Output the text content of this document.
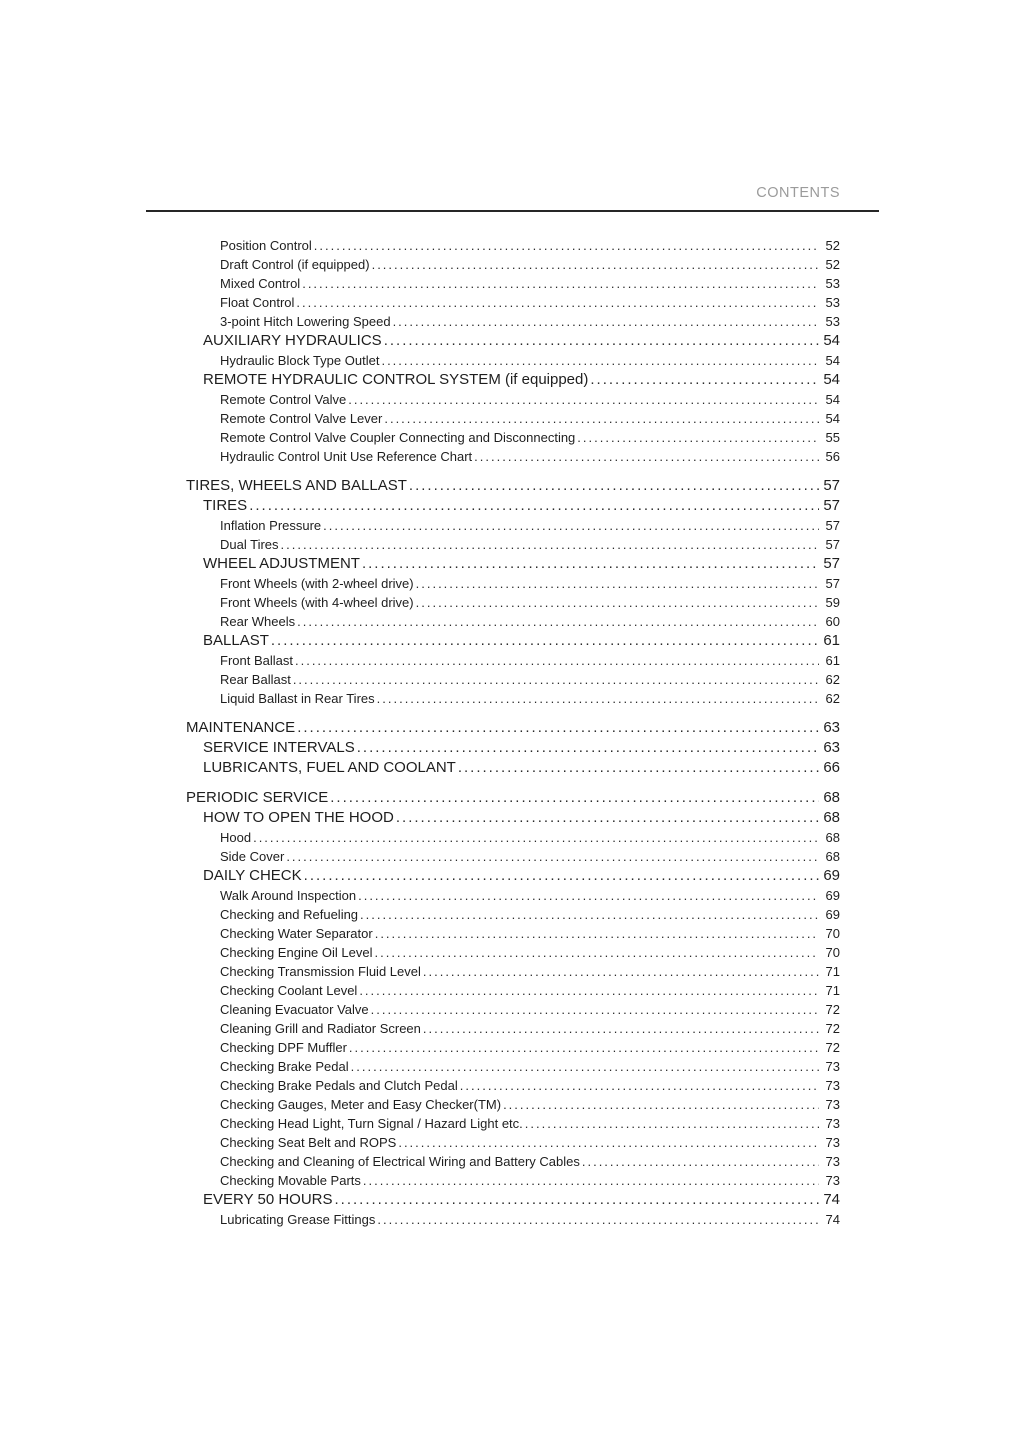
CONTENTS
Position Control .....	52
Draft Control (if equipped) .....	52
Mixed Control .....	53
Float Control .....	53
3-point Hitch Lowering Speed .....	53
AUXILIARY HYDRAULICS .....	54
Hydraulic Block Type Outlet .....	54
REMOTE HYDRAULIC CONTROL SYSTEM (if equipped) .....	54
Remote Control Valve .....	54
Remote Control Valve Lever .....	54
Remote Control Valve Coupler Connecting and Disconnecting .....	55
Hydraulic Control Unit Use Reference Chart .....	56
TIRES, WHEELS AND BALLAST .....	57
TIRES .....	57
Inflation Pressure .....	57
Dual Tires .....	57
WHEEL ADJUSTMENT .....	57
Front Wheels (with 2-wheel drive) .....	57
Front Wheels (with 4-wheel drive) .....	59
Rear Wheels .....	60
BALLAST .....	61
Front Ballast .....	61
Rear Ballast .....	62
Liquid Ballast in Rear Tires .....	62
MAINTENANCE .....	63
SERVICE INTERVALS .....	63
LUBRICANTS, FUEL AND COOLANT .....	66
PERIODIC SERVICE .....	68
HOW TO OPEN THE HOOD .....	68
Hood .....	68
Side Cover .....	68
DAILY CHECK .....	69
Walk Around Inspection .....	69
Checking and Refueling .....	69
Checking Water Separator .....	70
Checking Engine Oil Level .....	70
Checking Transmission Fluid Level .....	71
Checking Coolant Level .....	71
Cleaning Evacuator Valve .....	72
Cleaning Grill and Radiator Screen .....	72
Checking DPF Muffler .....	72
Checking Brake Pedal .....	73
Checking Brake Pedals and Clutch Pedal .....	73
Checking Gauges, Meter and Easy Checker(TM) .....	73
Checking Head Light, Turn Signal / Hazard Light etc. .....	73
Checking Seat Belt and ROPS .....	73
Checking and Cleaning of Electrical Wiring and Battery Cables .....	73
Checking Movable Parts .....	73
EVERY 50 HOURS .....	74
Lubricating Grease Fittings .....	74
